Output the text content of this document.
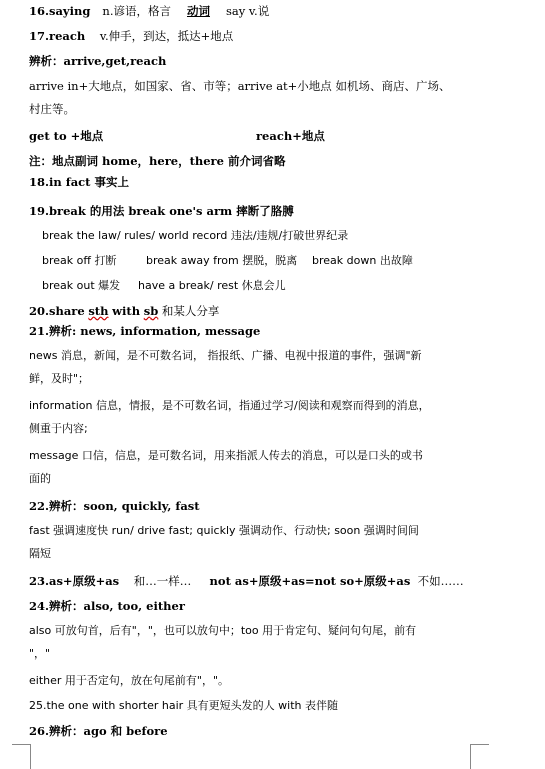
16.saying n.谚语，格言 动词 say v.说
17.reach v.伸手，到达，抵达+地点
辨析：arrive,get,reach
arrive in+大地点，如国家、省、市等；arrive at+小地点 如机场、商店、广场、
村庄等。
get to +地点	reach+地点
注：地点副词 home，here，there 前介词省略
18.in fact 事实上
19.break 的用法 break one's arm 摔断了胳膊
break the law/ rules/ world record 违法/违规/打破世界纪录
break off 打断	break away from 摆脱，脱离 break down 出故障
break out 爆发 have a break/ rest 休息会儿
20.share sth with sb 和某人分享
21.辨析: news, information, message
news 消息，新闻，是不可数名词， 指报纸、广播、电视中报道的事件，强调"新
鲜，及时"；
information 信息，情报，是不可数名词，指通过学习/阅读和观察而得到的消息，
侧重于内容;
message 口信，信息，是可数名词，用来指派人传去的消息，可以是口头的或书
面的
22.辨析：soon, quickly, fast
fast 强调速度快 run/ drive fast; quickly 强调动作、行动快; soon 强调时间间
隔短
23.as+原级+as 和…一样… not as+原级+as=not so+原级+as 不如……
24.辨析：also, too, either
also 可放句首，后有"，"，也可以放句中；too 用于肯定句、疑问句句尾，前有
"，"
either 用于否定句，放在句尾前有"，"。
25.the one with shorter hair 具有更短头发的人 with 表伴随
26.辨析：ago 和 before
